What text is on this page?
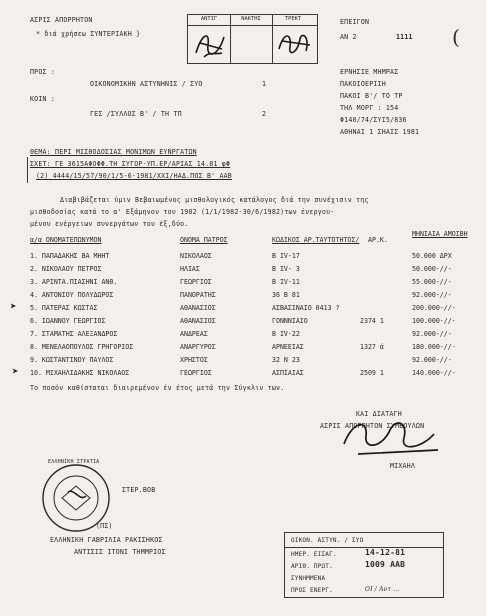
ΑΣΡΙΣ ΑΠΟΡΡΗΤΟΝ
* διά χρήσεω ΣΥΝΤΕΡΙΑΚΗ }
ΑΝΤΙΓ	ΝΑΚΤΗΣ	ΤΡΕΚΤ	ΕΠΕΙΓΟΝ
ΑΝ 2	1111 (
ΠΡΟΣ :
ΟΙΚΟΝΟΜΙΚΗΝ ΑΣΤΥΝΗΝΙΣ / ΣΥΟ	1
ΚΟΙΝ :
ΓΕΣ /ΣΥΛΛΟΣ Β' / ΤΗ ΤΠ	2
ΕΡΝΗΣΙΕ ΜΗΜΡΑΣ
ΠΑΚΟΙΟΕΡΙΙΗ
ΠΑΚΟΙ Β'/ ΤΟ ΤΡ
ΤΗΛ ΜΟΡΓ : 154
Φ140/74/ΣΥΙ5/836
ΑΘΗΝΑΙ 1 ΣΗΑΙΣ 1981
ΘΕΜΑ: ΠΕΡΙ ΜΙΣΘΟΔΟΣΙΑΣ ΜΟΝΙΜΩΝ ΕΥΝΡΓΑΤΩΝ
ΣΧΕΤ: ΓΕ 3615ΑΦΟΦΦ.ΤΗ ΣΥΓΟΡ-ΥΠ.ΕΡ/ΑΡΙΑΣ 14.81 φΦ
(2) 4444/15/57/90/1/5-6-1981/ΧΧΙ/ΗΑΔ.ΠΟΣ Β' ΑΑΒ
Διαβιβάζεται ύμιν Βεβαιωμένος μισθολογικός κατάλογος διά την συνέχισιν της
μισθοδοσίας κατά το α' Εξάμηνον του 1982 (1/1/1982-30/6/1982)των ένεργου-
μένου ενέργειων συνεργάτων του έξ,δύο.
α/α ΟΝΟΜΑΤΕΠΩΝΥΜΟΝ	ΟΝΟΜΑ ΠΑΤΡΟΣ	ΚΩΔΙΚΟΣ ΑΡ.ΤΑΥΤΟΤΗΤΟΣ/ ΑΡ.Κ.
ΜΗΝΙΑΙΑ ΑΜΟΙΒΗ
1. ΠΑΠΑΔΑΚΗΣ ΒΑ ΜΗΗΤ	ΝΙΚΟΛΑΟΣ	Β IV-17	50.000 ΔΡΧ
2. ΝΙΚΟΛΑΟΥ ΠΕΤΡΟΣ	ΗΛΙΑΣ	Β IV- 3	50.000-//-
3. ΑΡΙΝΤΑ.ΠΙΑΣΗΝΙ ΑΝΘ.	ΓΕΩΡΓΙΟΣ	Β IV-11	55.000-//-
4. ΑΝΤΟΝΙΟΥ ΠΟΛΥΔΩΡΟΣ	ΠΑΝΟΡΑΤΗΣ	36 Β 81	92.000-//-
5. ΠΑΤΕΡΑΣ ΚΩΣΤΑΣ	ΑΘΑΝΑΣΙΟΣ	ΑΣΒΑΣΙΝΑΙΟ 0413 ?	200.000-//-
6. ΙΩΑΝΝΟΥ ΓΕΩΡΓΙΟΣ	ΑΘΑΝΑΣΙΟΣ	ΓΟΝΝΝΙΑΙΟ	2374 1	100.000-//-
7. ΣΤΑΜΑΤΗΣ ΑΛΕΞΑΝΔΡΟΣ	ΑΝΔΡΕΑΣ	Β IV-22	92.000-//-
8. ΜΕΝΕΛΑΟΠΟΥΛΟΣ ΓΡΗΓΟΡΙΟΣ	ΑΝΑΡΓΥΡΟΣ	ΑΡΝΕΕΙΑΣ	1327 ά	180.000-//-
9. ΚΩΣΤΑΝΤΙΝΟΥ ΠΑΥΛΟΣ	ΧΡΗΣΤΟΣ	32 Ν 23	92.000-//-
10. ΜΙΧΑΗΛΙΔΑΚΗΣ ΝΙΚΟΛΑΟΣ	ΓΕΩΡΓΙΟΣ	ΑΣΠΙΑΙΑΣ	2509 1	140.000-//-
➤
➤
Το ποσόν καθίσταται διαιρεμένον έν έτος μετά την Σύγκλιν των.
ΚΑΙ ΔΙΑΤΑΓΗ
ΑΣΡΙΣ ΑΠΟΡΡΗΤΟΝ ΣΥΜΒΟΥΛΩΝ
ΜΙΧΑΗΛ
ΕΛΛΗΝΙΚΗ ΣΤΡΑΤΙΑ
ΣΤΕΡ.ΒΟΒ
(ΠΣ)
ΕΛΛΗΝΙΚΗ ΓΑΒΡΙΛΙΑ ΡΑΚΙΣΗΚΟΣ
ΑΝΤΙΣΙΣ ΙΤΟΝΙ ΤΗΜΜΡΙΟΣ
ΟΙΚΟΝ. ΑΣΤΥΝ. / ΣΥΟ
ΗΜΕΡ. ΕΙΣΑΓ.	14-12-81
ΑΡΙΘ. ΠΡΩΤ.	1009 ΑΑΒ
ΣΥΝΗΜΜΕΝΑ
ΠΡΟΣ ΕΝΕΡΓ.	ΟΙ / Αντ ...
